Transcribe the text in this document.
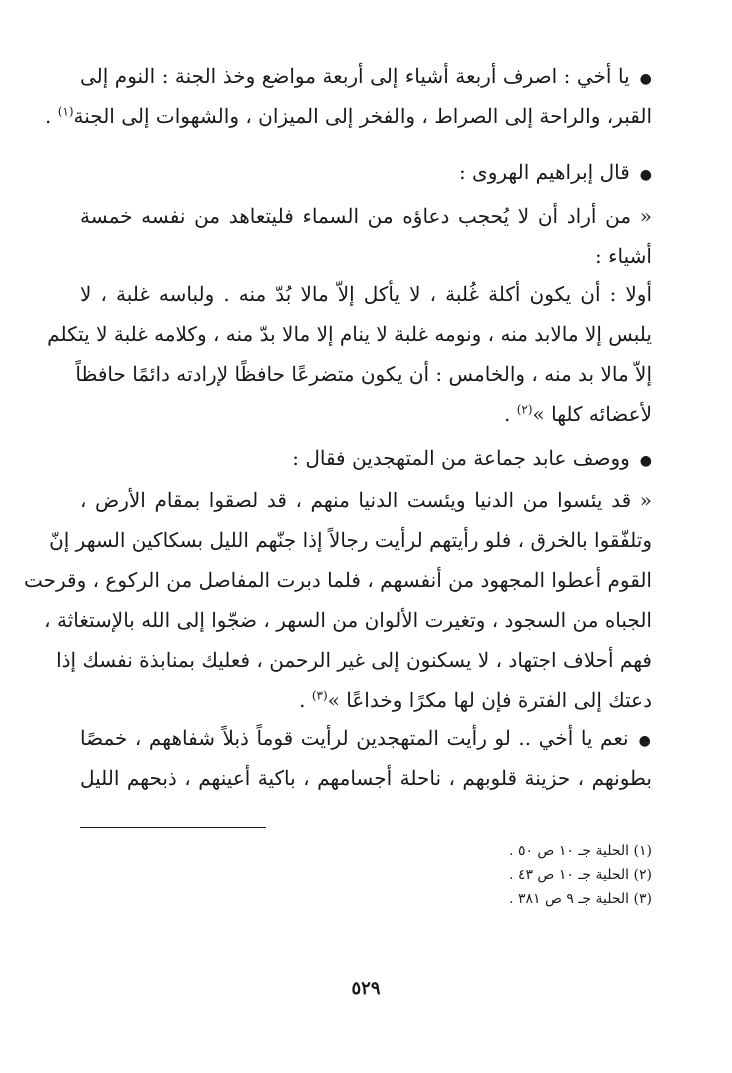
●يا أخي : اصرف أربعة أشياء إلى أربعة مواضع وخذ الجنة : النوم إلى
القبر، والراحة إلى الصراط ، والفخر إلى الميزان ، والشهوات إلى الجنة$^{(١)}$ .
●قال إبراهيم الهروى :
« من أراد أن لا يُحجب دعاؤه من السماء فليتعاهد من نفسه خمسة
أشياء :
أولا : أن يكون أكلة غُلبة ، لا يأكل إلاّ مالا بُدّ منه . ولباسه غلبة ، لا
يلبس إلا مالابد منه ، ونومه غلبة لا ينام إلا مالا بدّ منه ، وكلامه غلبة لا يتكلم
إلاّ مالا بد منه ، والخامس : أن يكون متضرعًا حافظًا لإرادته دائمًا حافظاً
لأعضائه كلها »$^{(٢)}$ .
●ووصف عابد جماعة من المتهجدين فقال :
« قد يئسوا من الدنيا ويئست الدنيا منهم ، قد لصقوا بمقام الأرض ،
وتلفّقوا بالخرق ، فلو رأيتهم لرأيت رجالاً إذا جنّهم الليل بسكاكين السهر إنّ
القوم أعطوا المجهود من أنفسهم ، فلما دبرت المفاصل من الركوع ، وقرحت
الجباه من السجود ، وتغيرت الألوان من السهر ، ضجّوا إلى الله بالإستغاثة ،
فهم أحلاف اجتهاد ، لا يسكنون إلى غير الرحمن ، فعليك بمنابذة نفسك إذا
دعتك إلى الفترة فإن لها مكرًا وخداعًا »$^{(٣)}$ .
●نعم يا أخي .. لو رأيت المتهجدين لرأيت قوماً ذبلاً شفاههم ، خمصًا
بطونهم ، حزينة قلوبهم ، ناحلة أجسامهم ، باكية أعينهم ، ذبحهم الليل
(١) الحلية جـ ١٠ ص ٥٠ .
(٢) الحلية جـ ١٠ ص ٤٣ .
(٣) الحلية جـ ٩ ص ٣٨١ .
٥٢٩
